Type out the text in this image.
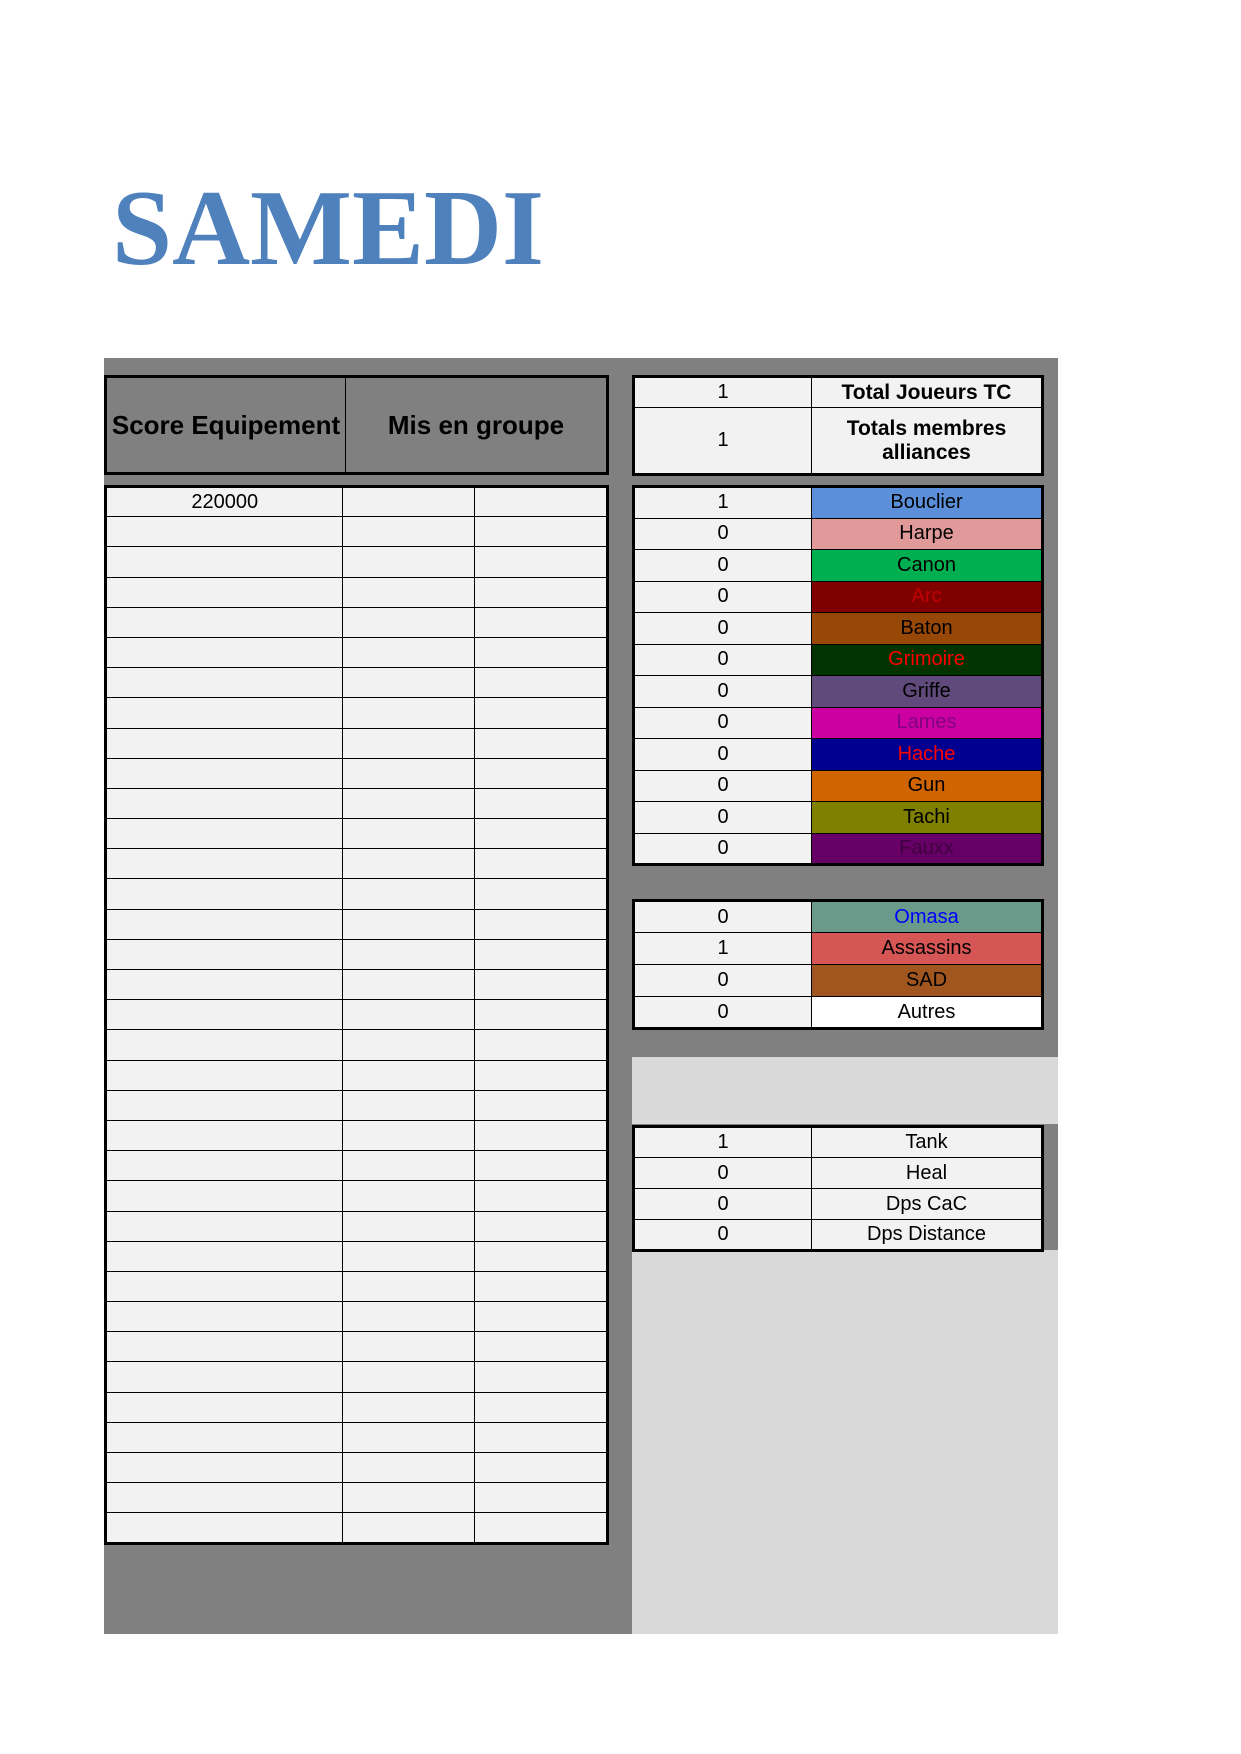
SAMEDI
Score Equipement	Mis en groupe
220000		

1	Total Joueurs TC
1	Totals membres alliances
1	Bouclier
0	Harpe
0	Canon
0	Arc
0	Baton
0	Grimoire
0	Griffe
0	Lames
0	Hache
0	Gun
0	Tachi
0	Fauxx
0	Omasa
1	Assassins
0	SAD
0	Autres
1	Tank
0	Heal
0	Dps CaC
0	Dps Distance
